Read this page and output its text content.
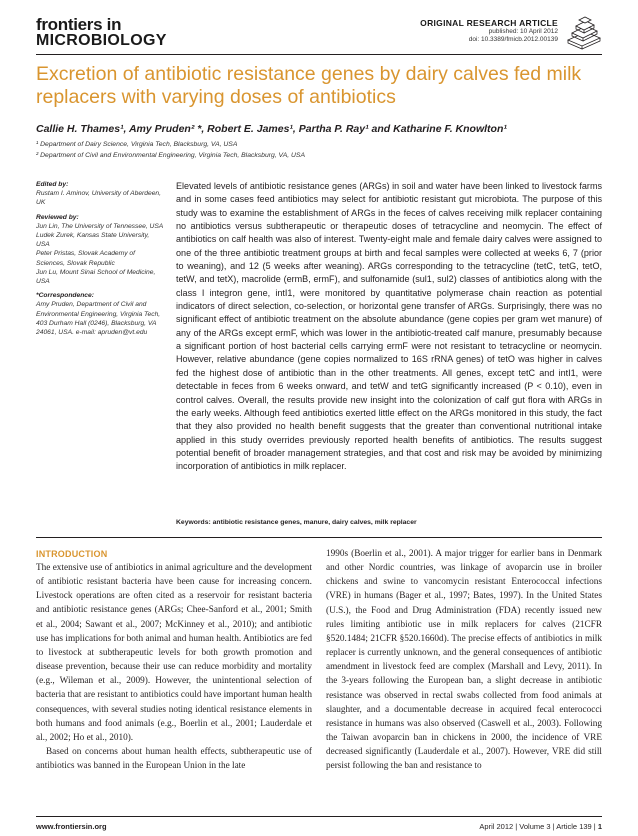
frontiers in
MICROBIOLOGY
ORIGINAL RESEARCH ARTICLE
published: 10 April 2012
doi: 10.3389/fmicb.2012.00139
Excretion of antibiotic resistance genes by dairy calves fed milk replacers with varying doses of antibiotics
Callie H. Thames¹, Amy Pruden² *, Robert E. James¹, Partha P. Ray¹ and Katharine F. Knowlton¹
¹ Department of Dairy Science, Virginia Tech, Blacksburg, VA, USA
² Department of Civil and Environmental Engineering, Virginia Tech, Blacksburg, VA, USA
Edited by:
Rustam I. Aminov, University of Aberdeen, UK
Reviewed by:
Jun Lin, The University of Tennessee, USA
Ludek Zurek, Kansas State University, USA
Peter Pristas, Slovak Academy of Sciences, Slovak Republic
Jun Lu, Mount Sinai School of Medicine, USA
*Correspondence:
Amy Pruden, Department of Civil and Environmental Engineering, Virginia Tech, 403 Durham Hall (0246), Blacksburg, VA 24061, USA. e-mail: apruden@vt.edu
Elevated levels of antibiotic resistance genes (ARGs) in soil and water have been linked to livestock farms and in some cases feed antibiotics may select for antibiotic resistant gut microbiota. The purpose of this study was to examine the establishment of ARGs in the feces of calves receiving milk replacer containing no antibiotics versus subtherapeutic or therapeutic doses of tetracycline and neomycin. The effect of antibiotics on calf health was also of interest. Twenty-eight male and female dairy calves were assigned to one of the three antibiotic treatment groups at birth and fecal samples were collected at weeks 6, 7 (prior to weaning), and 12 (5 weeks after weaning). ARGs corresponding to the tetracycline (tetC, tetG, tetO, tetW, and tetX), macrolide (ermB, ermF), and sulfonamide (sul1, sul2) classes of antibiotics along with the class I integron gene, intI1, were monitored by quantitative polymerase chain reaction as potential indicators of direct selection, co-selection, or horizontal gene transfer of ARGs. Surprisingly, there was no significant effect of antibiotic treatment on the absolute abundance (gene copies per gram wet manure) of any of the ARGs except ermF, which was lower in the antibiotic-treated calf manure, presumably because a significant portion of host bacterial cells carrying ermF were not resistant to tetracycline or neomycin. However, relative abundance (gene copies normalized to 16S rRNA genes) of tetO was higher in calves fed the highest dose of antibiotic than in the other treatments. All genes, except tetC and intI1, were detectable in feces from 6 weeks onward, and tetW and tetG significantly increased (P < 0.10), even in control calves. Overall, the results provide new insight into the colonization of calf gut flora with ARGs in the early weeks. Although feed antibiotics exerted little effect on the ARGs monitored in this study, the fact that they also provided no health benefit suggests that the greater than conventional nutritional intake applied in this study overrides previously reported health benefits of antibiotics. The results suggest potential benefit of broader management strategies, and that cost and risk may be avoided by minimizing incorporation of antibiotics in milk replacer.
Keywords: antibiotic resistance genes, manure, dairy calves, milk replacer
INTRODUCTION
The extensive use of antibiotics in animal agriculture and the development of antibiotic resistant bacteria have been cause for increasing concern. Livestock operations are often cited as a reservoir for resistant bacteria and antibiotic resistance genes (ARGs; Chee-Sanford et al., 2001; Smith et al., 2004; Sawant et al., 2007; McKinney et al., 2010); and antibiotic use has implications for both animal and human health. Antibiotics are fed to livestock at subtherapeutic levels for both growth promotion and disease prevention, because their use can reduce morbidity and mortality (e.g., Wileman et al., 2009). However, the unintentional selection of bacteria that are resistant to antibiotics could have important human health consequences, with several studies noting identical resistance elements in both humans and food animals (e.g., Boerlin et al., 2001; Lauderdale et al., 2002; Ho et al., 2010).
Based on concerns about human health effects, subtherapeutic use of antibiotics was banned in the European Union in the late
1990s (Boerlin et al., 2001). A major trigger for earlier bans in Denmark and other Nordic countries, was linkage of avoparcin use in broiler chickens and swine to vancomycin resistant Enterococcal infections (VRE) in humans (Bager et al., 1997; Bates, 1997). In the United States (U.S.), the Food and Drug Administration (FDA) recently issued new rules limiting antibiotic use in milk replacers for calves (21CFR §520.1484; 21CFR §520.1660d). The precise effects of antibiotics in milk replacer is currently unknown, and the general consequences of antibiotic amendment in livestock feed are complex (Marshall and Levy, 2011). In the 3-years following the European ban, a slight decrease in antibiotic resistance was observed in rectal swabs collected from food animals at slaughter, and a documentable decrease in acquired fecal enterococci resistance in humans was also observed (Caswell et al., 2003). Following the Taiwan avoparcin ban in chickens in 2000, the incidence of VRE decreased significantly (Lauderdale et al., 2007). However, VRE did still persist following the ban and resistance to
www.frontiersin.org	April 2012 | Volume 3 | Article 139 | 1
